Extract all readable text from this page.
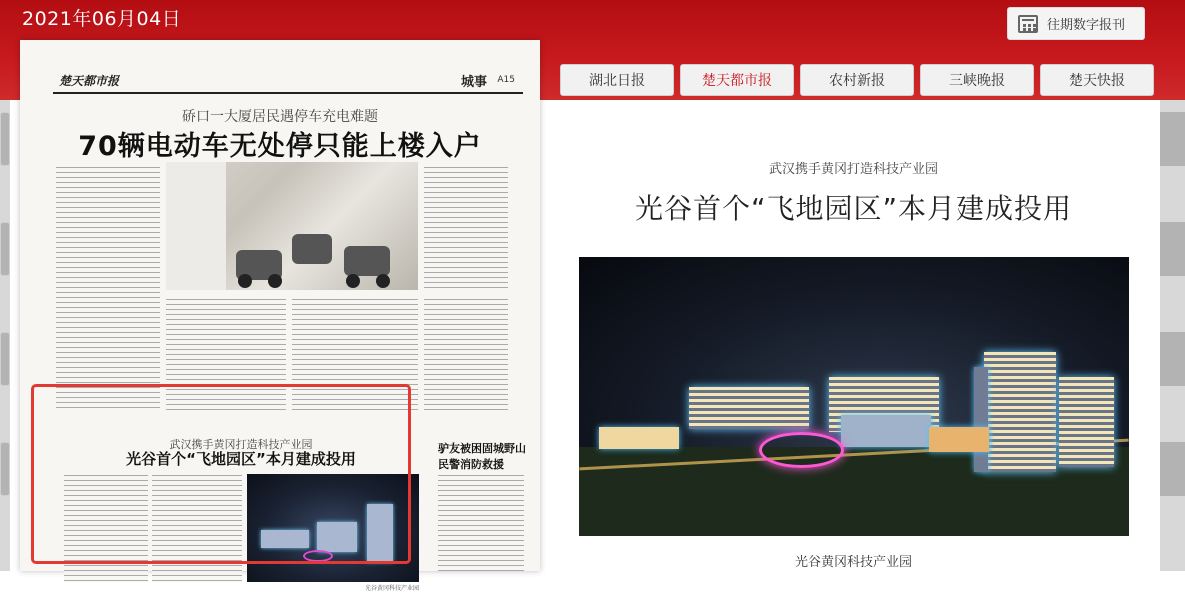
2021年06月04日	往期数字报刊
湖北日报	楚天都市报	农村新报	三峡晚报	楚天快报
武汉携手黄冈打造科技产业园
光谷首个“飞地园区”本月建成投用
光谷黄冈科技产业园
楚天都市报	城事 A15
硚口一大厦居民遇停车充电难题
70辆电动车无处停只能上楼入户
武汉携手黄冈打造科技产业园
光谷首个“飞地园区”本月建成投用
光谷黄冈科技产业园
驴友被困固城野山 民警消防救援
